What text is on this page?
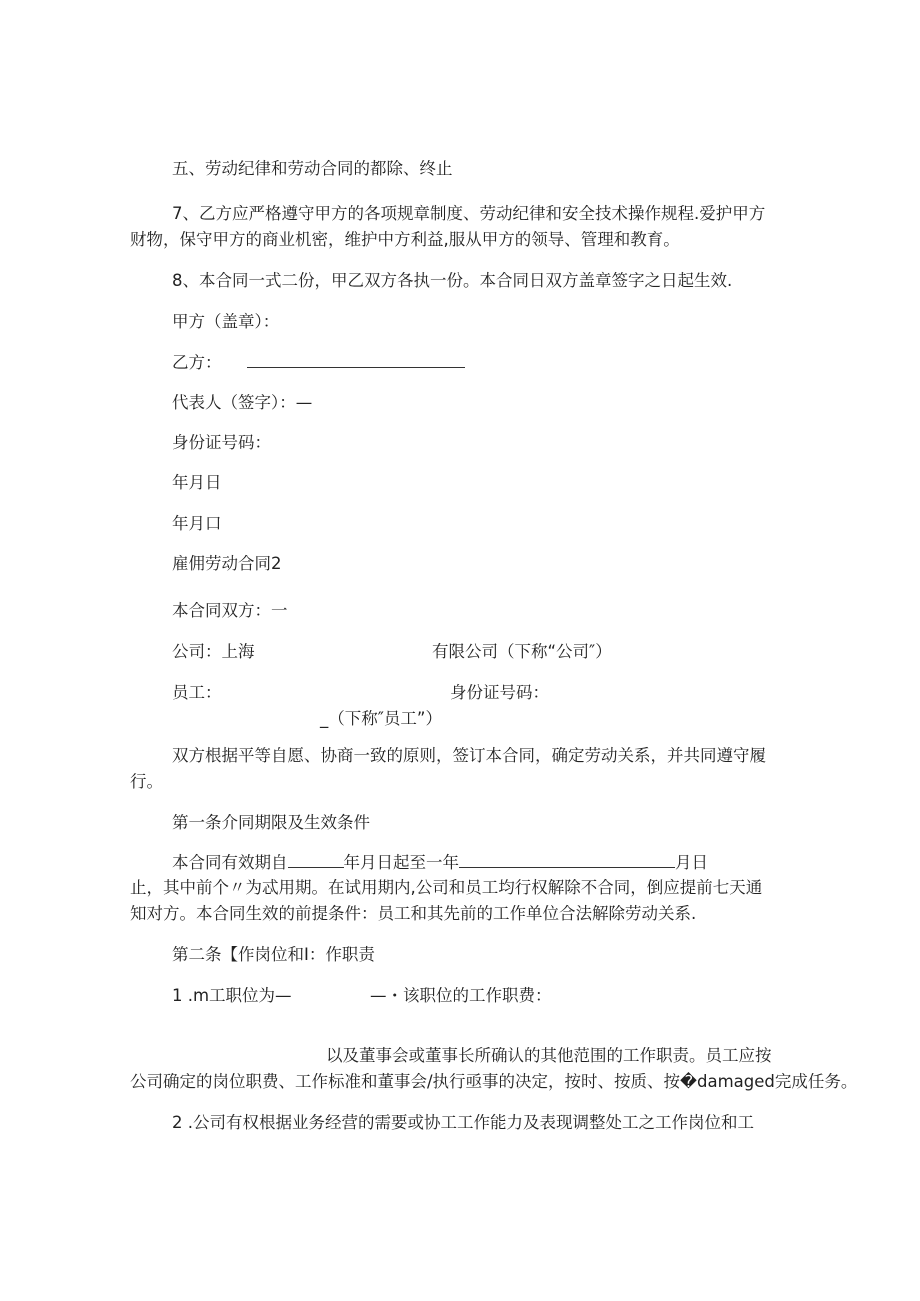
五、劳动纪律和劳动合同的都除、终止
7、乙方应严格遵守甲方的各项规章制度、劳动纪律和安全技术操作规程.爱护甲方
财物，保守甲方的商业机密，维护中方利益,服从甲方的领导、管理和教育。
8、本合同一式二份，甲乙双方各执一份。本合同日双方盖章签字之日起生效.
甲方（盖章）：
乙方：
代表人（签字）：—
身份证号码：
年月日
年月口
雇佣劳动合同2
本合同双方：一
公司：上海	有限公司（下称“公司″）
员工：	身份证号码：
_（下称″员工”）
双方根据平等自愿、协商一致的原则，签订本合同，确定劳动关系，并共同遵守履
行。
第一条介同期限及生效条件
本合同有效期自	年月日起至一年	月日
止，其中前个〃为忒用期。在试用期内,公司和员工均行权解除不合同，倒应提前七天通
知对方。本合同生效的前提条件：员工和其先前的工作单位合法解除劳动关系.
第二条【作岗位和I：作职责
1 .m工职位为—	—・该职位的工作职费：
以及董事会或董事长所确认的其他范围的工作职责。员工应按
公司确定的岗位职费、工作标准和董事会/执行亟事的决定，按时、按质、按�damaged完成任务。
2 .公司有权根据业务经营的需要或协工工作能力及表现调整处工之工作岗位和工
